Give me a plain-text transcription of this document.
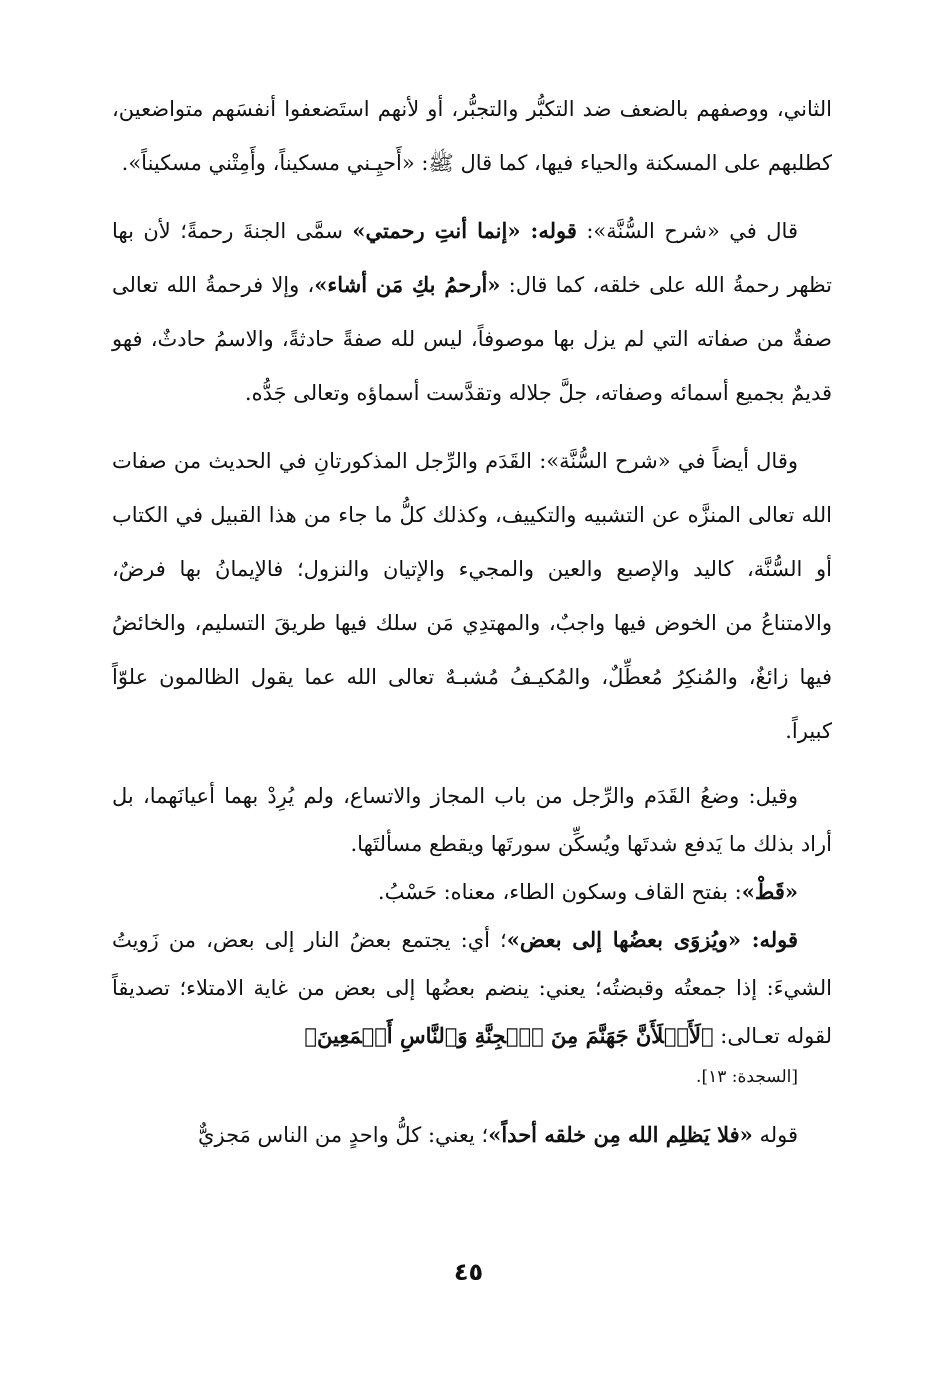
الثاني، ووصفهم بالضعف ضد التكبُّر والتجبُّر، أو لأنهم استَضعفوا أنفسَهم متواضعين، كطلبهم على المسكنة والحياء فيها، كما قال ﷺ: «أَحيِـني مسكيناً، وأَمِتْني مسكيناً».

قال في «شرح السُّنَّة»: قوله: «إنما أنتِ رحمتي» سمَّى الجنةَ رحمةً؛ لأن بها تظهر رحمةُ الله على خلقه، كما قال: «أرحمُ بكِ مَن أشاء»، وإلا فرحمةُ الله تعالى صفةٌ من صفاته التي لم يزل بها موصوفاً، ليس لله صفةً حادثةً، والاسمُ حادثٌ، فهو قديمٌ بجميع أسمائه وصفاته، جلَّ جلاله وتقدَّست أسماؤه وتعالى جَدُّه.

وقال أيضاً في «شرح السُّنَّة»: القَدَم والرِّجل المذكورتانِ في الحديث من صفات الله تعالى المنزَّه عن التشبيه والتكييف، وكذلك كلُّ ما جاء من هذا القبيل في الكتاب أو السُّنَّة، كاليد والإصبع والعين والمجيء والإتيان والنزول؛ فالإيمانُ بها فرضٌ، والامتناعُ من الخوض فيها واجبٌ، والمهتدِي مَن سلك فيها طريقَ التسليم، والخائضُ فيها زائغٌ، والمُنكِرُ مُعطِّلٌ، والمُكيـفُ مُشبـهٌ تعالى الله عما يقول الظالمون علوّاً كبيراً.

وقيل: وضعُ القَدَم والرِّجل من باب المجاز والاتساع، ولم يُرِدْ بهما أعيانَهما، بل أراد بذلك ما يَدفع شدتَها ويُسكِّن سورتَها ويقطع مسألتَها.

«قَطْ»: بفتح القاف وسكون الطاء، معناه: حَسْبُ.

قوله: «ويُزوَى بعضُها إلى بعض»؛ أي: يجتمع بعضُ النار إلى بعض، من زَويتُ الشيءَ: إذا جمعتُه وقبضتُه؛ يعني: ينضم بعضُها إلى بعض من غاية الامتلاء؛ تصديقاً لقوله تعـالى: ﴿لَأَمۡلَأَنَّ جَهَنَّمَ مِنَ ٱلۡجِنَّةِ وَٱلنَّاسِ أَجۡمَعِينَ﴾
[السجدة: ١٣].

قوله «فلا يَظلِم الله مِن خلقه أحداً»؛ يعني: كلُّ واحدٍ من الناس مَجزيٌّ

٤٥
